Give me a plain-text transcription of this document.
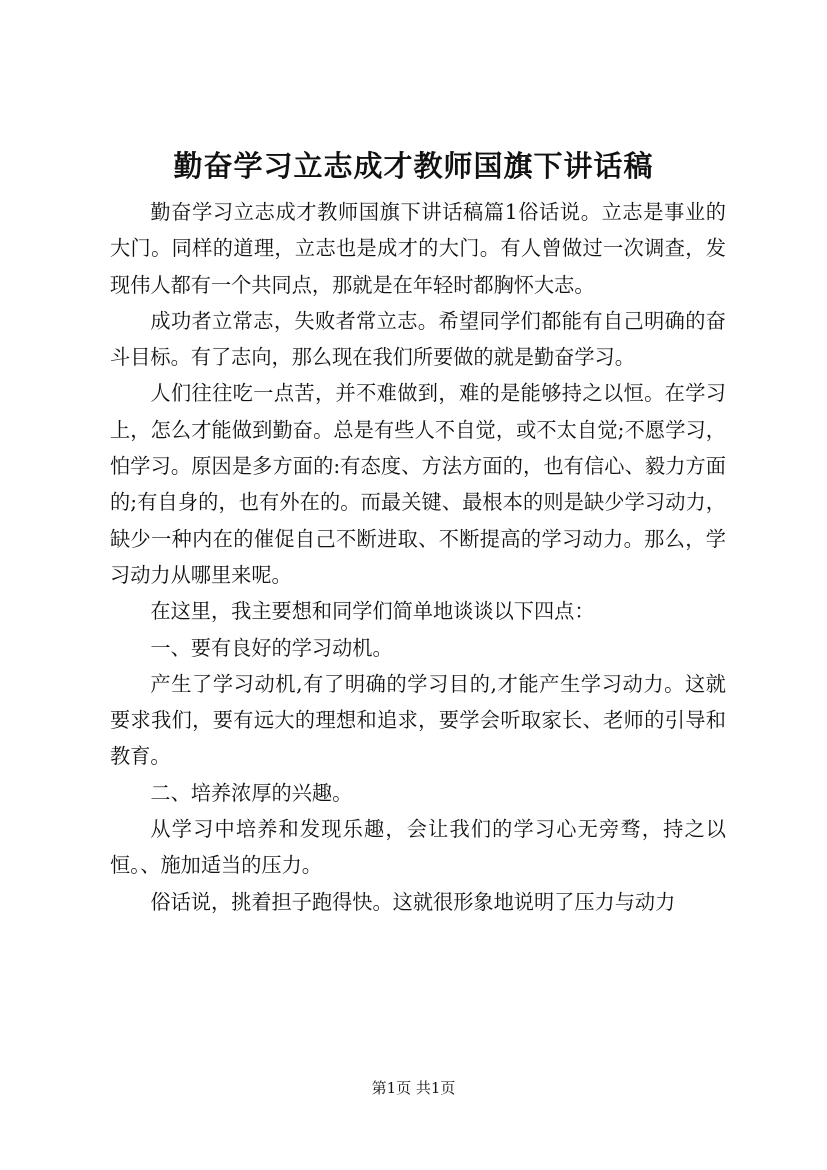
勤奋学习立志成才教师国旗下讲话稿

勤奋学习立志成才教师国旗下讲话稿篇1俗话说。立志是事业的大门。同样的道理，立志也是成才的大门。有人曾做过一次调查，发现伟人都有一个共同点，那就是在年轻时都胸怀大志。

成功者立常志，失败者常立志。希望同学们都能有自己明确的奋斗目标。有了志向，那么现在我们所要做的就是勤奋学习。

人们往往吃一点苦，并不难做到，难的是能够持之以恒。在学习上，怎么才能做到勤奋。总是有些人不自觉，或不太自觉;不愿学习，怕学习。原因是多方面的:有态度、方法方面的，也有信心、毅力方面的;有自身的，也有外在的。而最关键、最根本的则是缺少学习动力，缺少一种内在的催促自己不断进取、不断提高的学习动力。那么，学习动力从哪里来呢。

在这里，我主要想和同学们简单地谈谈以下四点：

一、要有良好的学习动机。

产生了学习动机,有了明确的学习目的,才能产生学习动力。这就要求我们，要有远大的理想和追求，要学会听取家长、老师的引导和教育。

二、培养浓厚的兴趣。

从学习中培养和发现乐趣，会让我们的学习心无旁骛，持之以恒。、施加适当的压力。

俗话说，挑着担子跑得快。这就很形象地说明了压力与动力

第1页 共1页
